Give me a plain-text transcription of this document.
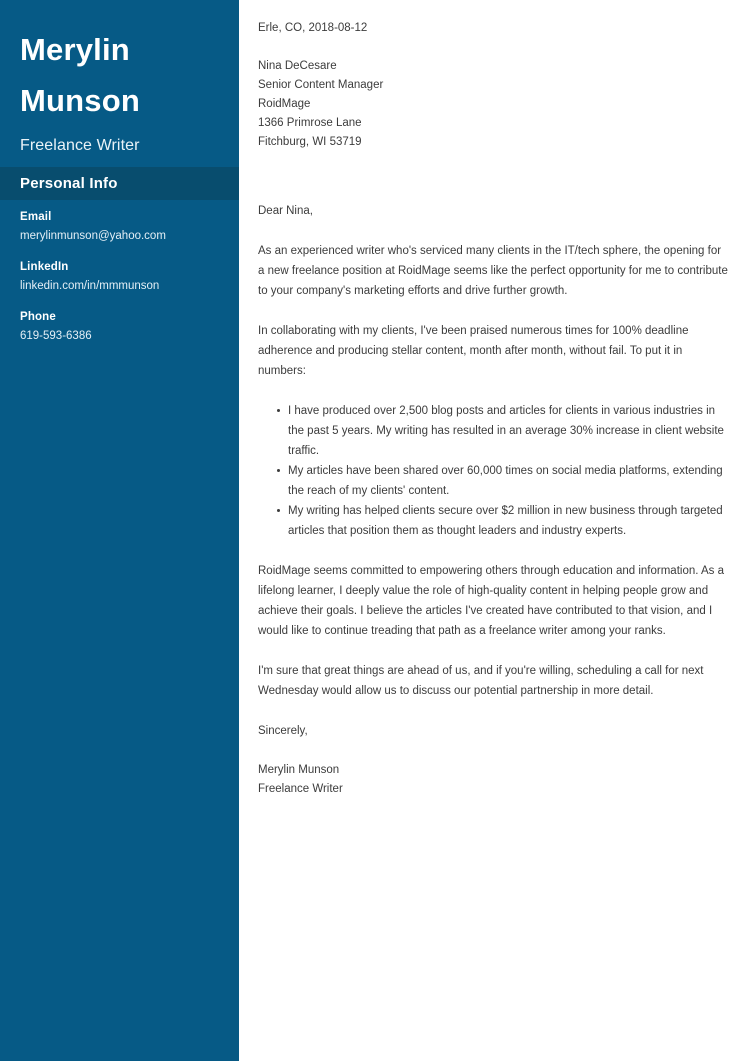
Merylin
Munson
Freelance Writer
Personal Info
Email
merylinmunson@yahoo.com
LinkedIn
linkedin.com/in/mmmunson
Phone
619-593-6386
Erle, CO, 2018-08-12
Nina DeCesare
Senior Content Manager
RoidMage
1366 Primrose Lane
Fitchburg, WI 53719
Dear Nina,

As an experienced writer who's serviced many clients in the IT/tech sphere, the opening for a new freelance position at RoidMage seems like the perfect opportunity for me to contribute to your company's marketing efforts and drive further growth.

In collaborating with my clients, I've been praised numerous times for 100% deadline adherence and producing stellar content, month after month, without fail. To put it in numbers:

I have produced over 2,500 blog posts and articles for clients in various industries in the past 5 years. My writing has resulted in an average 30% increase in client website traffic.
My articles have been shared over 60,000 times on social media platforms, extending the reach of my clients' content.
My writing has helped clients secure over $2 million in new business through targeted articles that position them as thought leaders and industry experts.

RoidMage seems committed to empowering others through education and information. As a lifelong learner, I deeply value the role of high-quality content in helping people grow and achieve their goals. I believe the articles I've created have contributed to that vision, and I would like to continue treading that path as a freelance writer among your ranks.

I'm sure that great things are ahead of us, and if you're willing, scheduling a call for next Wednesday would allow us to discuss our potential partnership in more detail.

Sincerely,
Merylin Munson
Freelance Writer
